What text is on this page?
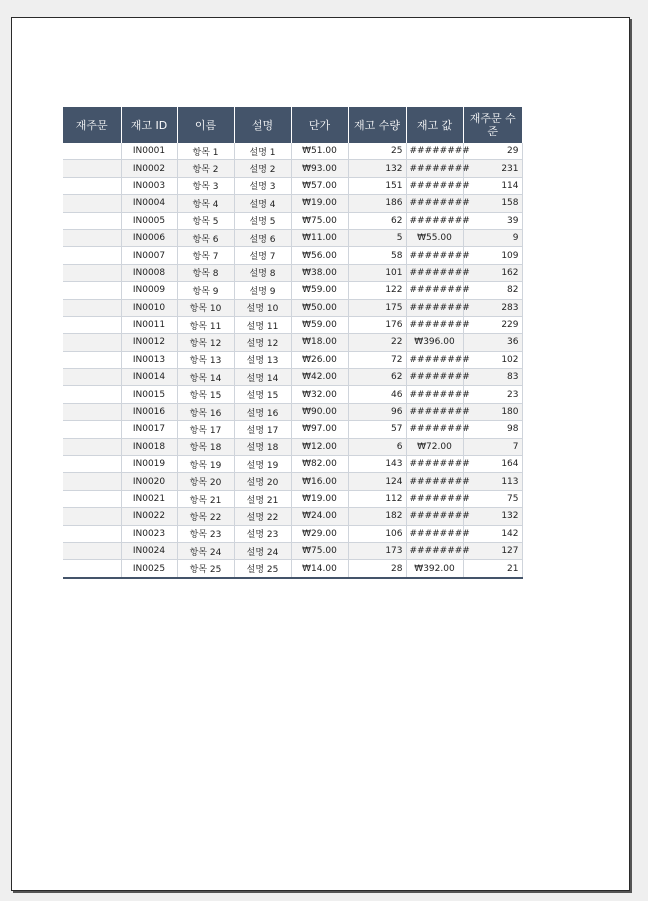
재주문	재고 ID	이름	설명	단가	재고 수량	재고 값	재주문 수준
	IN0001	항목 1	설명 1	₩51.00	25	########	29
	IN0002	항목 2	설명 2	₩93.00	132	########	231
	IN0003	항목 3	설명 3	₩57.00	151	########	114
	IN0004	항목 4	설명 4	₩19.00	186	########	158
	IN0005	항목 5	설명 5	₩75.00	62	########	39
	IN0006	항목 6	설명 6	₩11.00	5	₩55.00	9
	IN0007	항목 7	설명 7	₩56.00	58	########	109
	IN0008	항목 8	설명 8	₩38.00	101	########	162
	IN0009	항목 9	설명 9	₩59.00	122	########	82
	IN0010	항목 10	설명 10	₩50.00	175	########	283
	IN0011	항목 11	설명 11	₩59.00	176	########	229
	IN0012	항목 12	설명 12	₩18.00	22	₩396.00	36
	IN0013	항목 13	설명 13	₩26.00	72	########	102
	IN0014	항목 14	설명 14	₩42.00	62	########	83
	IN0015	항목 15	설명 15	₩32.00	46	########	23
	IN0016	항목 16	설명 16	₩90.00	96	########	180
	IN0017	항목 17	설명 17	₩97.00	57	########	98
	IN0018	항목 18	설명 18	₩12.00	6	₩72.00	7
	IN0019	항목 19	설명 19	₩82.00	143	########	164
	IN0020	항목 20	설명 20	₩16.00	124	########	113
	IN0021	항목 21	설명 21	₩19.00	112	########	75
	IN0022	항목 22	설명 22	₩24.00	182	########	132
	IN0023	항목 23	설명 23	₩29.00	106	########	142
	IN0024	항목 24	설명 24	₩75.00	173	########	127
	IN0025	항목 25	설명 25	₩14.00	28	₩392.00	21
